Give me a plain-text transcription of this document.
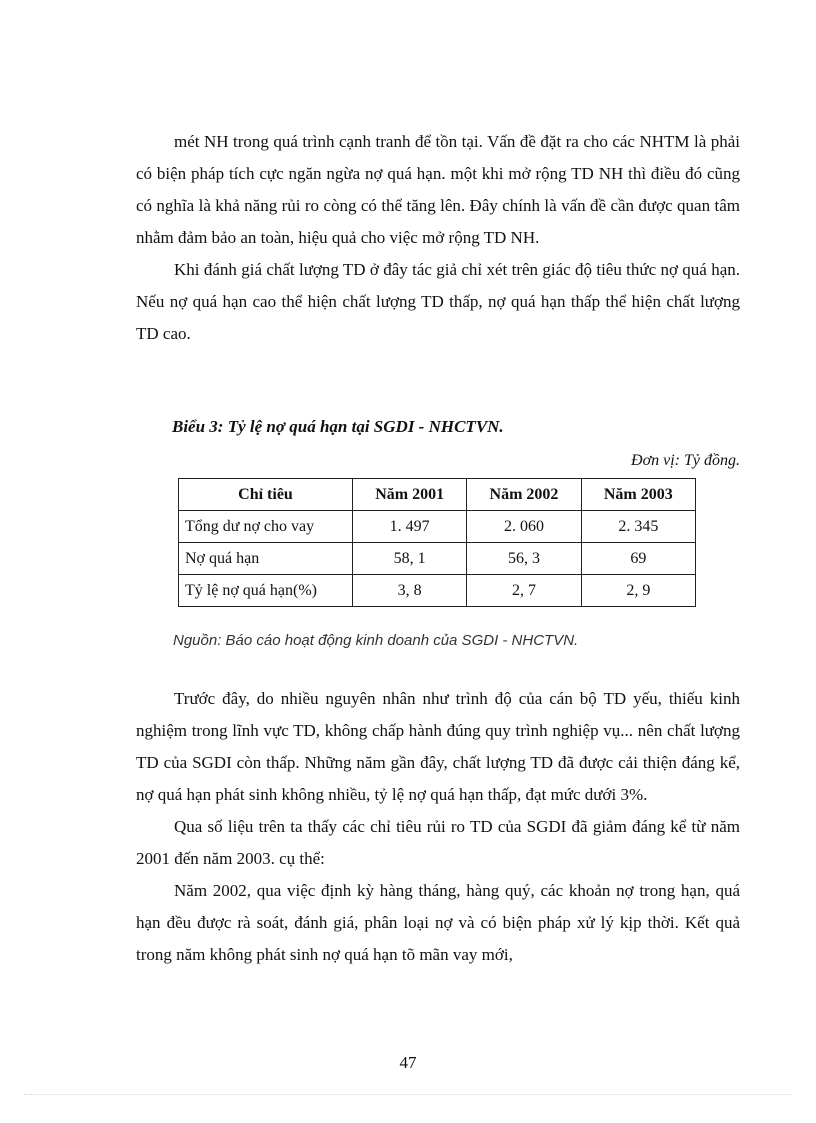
mét NH trong quá trình cạnh tranh để tồn tại. Vấn đề đặt ra cho các NHTM là phải có biện pháp tích cực ngăn ngừa nợ quá hạn. một khi mở rộng TD NH thì điều đó cũng có nghĩa là khả năng rủi ro còng có thể tăng lên. Đây chính là vấn đề cần được quan tâm nhằm đảm bảo an toàn, hiệu quả cho việc mở rộng TD NH.

Khi đánh giá chất lượng TD ở đây tác giả chỉ xét trên giác độ tiêu thức nợ quá hạn. Nếu nợ quá hạn cao thể hiện chất lượng TD thấp, nợ quá hạn thấp thể hiện chất lượng TD cao.

Biểu 3: Tỷ lệ nợ quá hạn tại SGDI - NHCTVN.
Đơn vị: Tỷ đồng.
Chỉ tiêu	Năm 2001	Năm 2002	Năm 2003
Tổng dư nợ cho vay	1. 497	2. 060	2. 345
Nợ quá hạn	58, 1	56, 3	69
Tỷ lệ nợ quá hạn(%)	3, 8	2, 7	2, 9
Nguồn: Báo cáo hoạt động kinh doanh của SGDI - NHCTVN.

Trước đây, do nhiều nguyên nhân như trình độ của cán bộ TD yếu, thiếu kinh nghiệm trong lĩnh vực TD, không chấp hành đúng quy trình nghiệp vụ... nên chất lượng TD của SGDI còn thấp. Những năm gần đây, chất lượng TD đã được cải thiện đáng kể, nợ quá hạn phát sinh không nhiều, tỷ lệ nợ quá hạn thấp, đạt mức dưới 3%.

Qua số liệu trên ta thấy các chỉ tiêu rủi ro TD của SGDI đã giảm đáng kể từ năm 2001 đến năm 2003. cụ thể:

Năm 2002, qua việc định kỳ hàng tháng, hàng quý, các khoản nợ trong hạn, quá hạn đều được rà soát, đánh giá, phân loại nợ và có biện pháp xử lý kịp thời. Kết quả trong năm không phát sinh nợ quá hạn tõ mãn vay mới,

47
